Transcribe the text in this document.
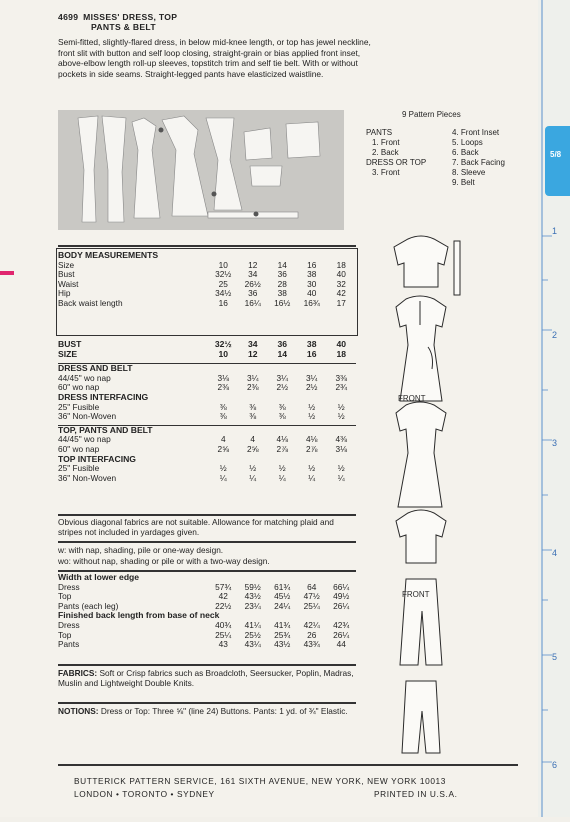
4699 MISSES' DRESS, TOP
PANTS & BELT
Semi-fitted, slightly-flared dress, in below mid-knee length, or top has jewel neckline, front slit with button and self loop closing, straight-grain or bias applied front inset, above-elbow length roll-up sleeves, topstitch trim and self tie belt. With or without pockets in side seams. Straight-legged pants have elasticized waistline.
9 Pattern Pieces
PANTS
1. Front
2. Back
DRESS OR TOP
3. Front
4. Front Inset
5. Loops
6. Back
7. Back Facing
8. Sleeve
9. Belt
BODY MEASUREMENTS					
Size	10	12	14	16	18
Bust	32½	34	36	38	40
Waist	25	26½	28	30	32
Hip	34½	36	38	40	42
Back waist length	16	16¼	16½	16¾	17
BUST	32½	34	36	38	40
SIZE	10	12	14	16	18

DRESS AND BELT					
44/45" wo nap	3⅛	3¼	3¼	3¼	3⅜
60" wo nap	2⅜	2⅜	2½	2½	2¾
DRESS INTERFACING					
25" Fusible	⅜	⅜	⅜	½	½
36" Non-Woven	⅜	⅜	⅜	½	½

TOP, PANTS AND BELT					
44/45" wo nap	4	4	4⅛	4⅛	4⅜
60" wo nap	2⅝	2⅝	2⅞	2⅞	3⅛
TOP INTERFACING					
25" Fusible	½	½	½	½	½
36" Non-Woven	¼	¼	¼	¼	¼
Obvious diagonal fabrics are not suitable. Allowance for matching plaid and stripes not included in yardages given.
w: with nap, shading, pile or one-way design.
wo: without nap, shading or pile or with a two-way design.
Width at lower edge					
Dress	57¾	59½	61¾	64	66¼
Top	42	43½	45½	47½	49½
Pants (each leg)	22½	23¼	24¼	25¼	26¼
Finished back length from base of neck					
Dress	40¾	41¼	41¾	42¼	42¾
Top	25¼	25½	25¾	26	26¼
Pants	43	43¼	43½	43¾	44
FABRICS: Soft or Crisp fabrics such as Broadcloth, Seersucker, Poplin, Madras, Muslin and Lightweight Double Knits.
NOTIONS: Dress or Top: Three ⅝" (line 24) Buttons. Pants: 1 yd. of ¾" Elastic.
FRONT
FRONT
1
2
3
4
5
6
5/8
BUTTERICK PATTERN SERVICE, 161 SIXTH AVENUE, NEW YORK, NEW YORK 10013
LONDON • TORONTO • SYDNEY	PRINTED IN U.S.A.
